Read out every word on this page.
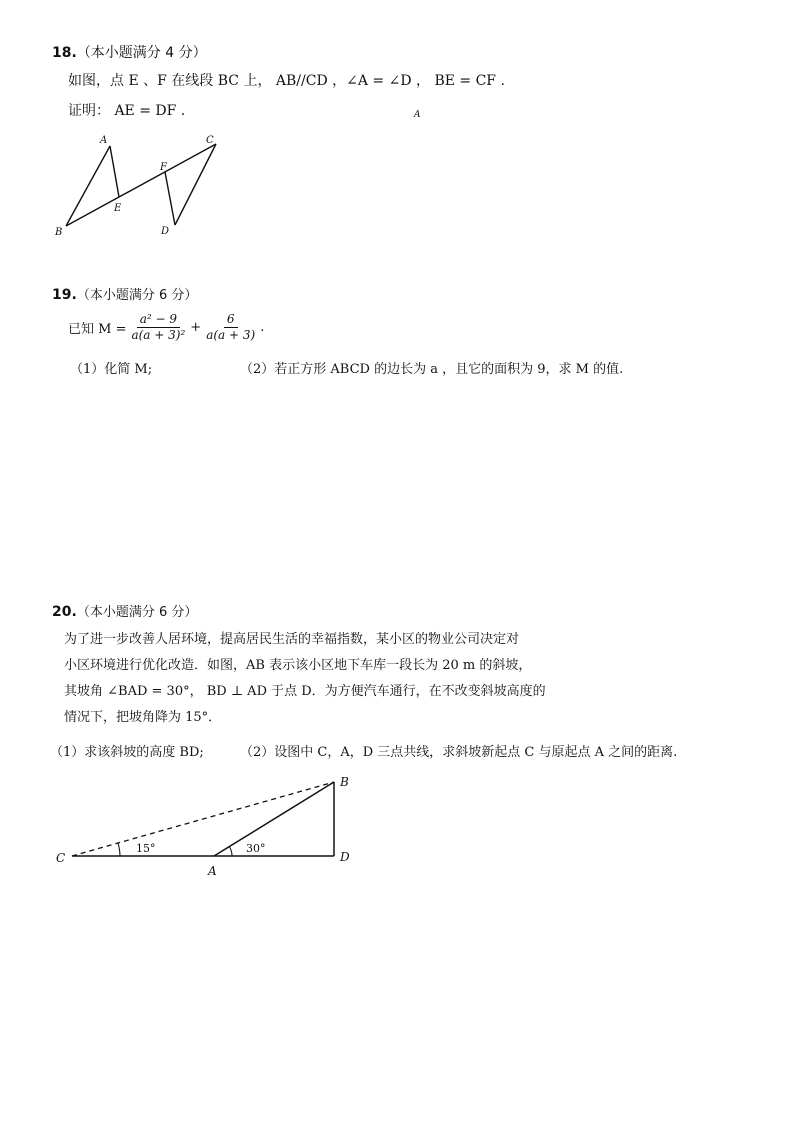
18.（本小题满分 4 分）
如图，点 E 、F 在线段 BC 上， AB//CD ，∠A = ∠D ， BE = CF .
证明： AE = DF .	A
A
B
C
D
E
F
19.（本小题满分 6 分）
已知 $M = \frac{\text{a² − 9}}{\text{a(a + 3)²}} + \frac{6}{a(a + 3)}$ .
（1）化简 M;	（2）若正方形 ABCD 的边长为 a ，且它的面积为 9，求 M 的值.
20.（本小题满分 6 分）
为了进一步改善人居环境，提高居民生活的幸福指数，某小区的物业公司决定对
小区环境进行优化改造．如图，AB 表示该小区地下车库一段长为 20 m 的斜坡，
其坡角 ∠BAD = 30°， BD ⊥ AD 于点 D．为方便汽车通行，在不改变斜坡高度的
情况下，把坡角降为 15°．
（1）求该斜坡的高度 BD;	（2）设图中 C，A，D 三点共线，求斜坡新起点 C 与原起点 A 之间的距离.
C
A
B
D
15°	30°
